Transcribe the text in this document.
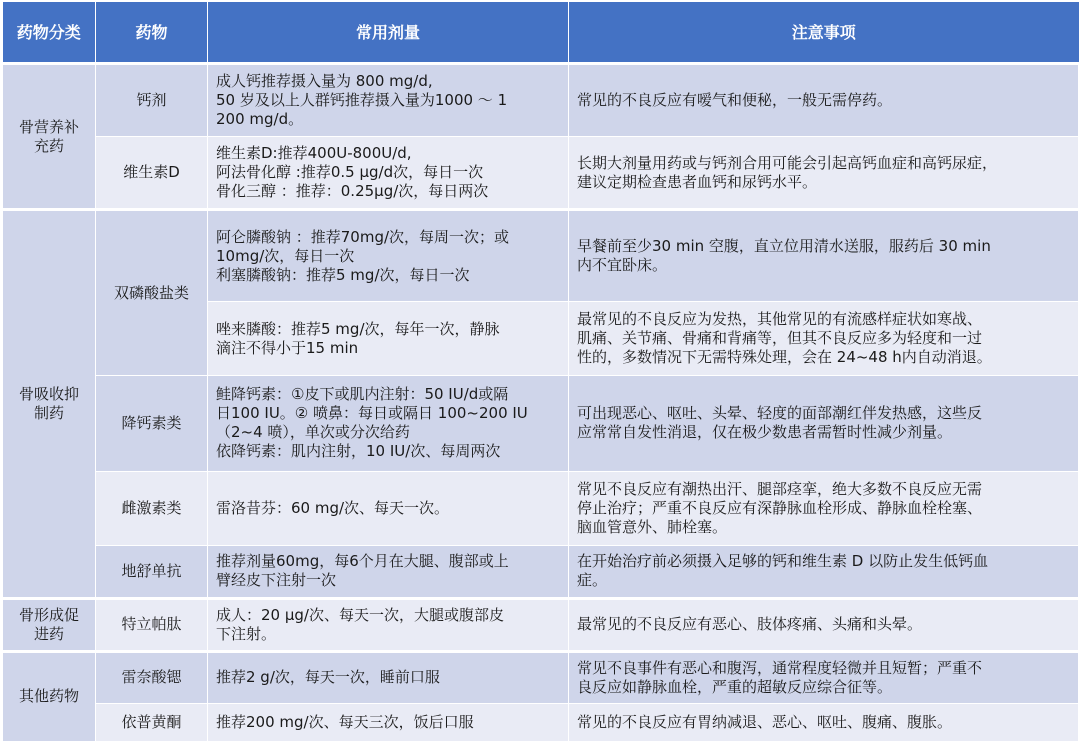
药物分类	药物	常用剂量	注意事项
骨营养补
充药	钙剂	成人钙推荐摄入量为 800 mg/d,
50 岁及以上人群钙推荐摄入量为1000 ～ 1
200 mg/d。	常见的不良反应有嗳气和便秘，一般无需停药。
	维生素D	维生素D:推荐400U-800U/d,
阿法骨化醇 :推荐0.5 μg/d次，每日一次
骨化三醇 ：推荐：0.25μg/次，每日两次	长期大剂量用药或与钙剂合用可能会引起高钙血症和高钙尿症，
建议定期检查患者血钙和尿钙水平。
骨吸收抑
制药	双磷酸盐类	阿仑膦酸钠 ：推荐70mg/次，每周一次；或
10mg/次，每日一次
利塞膦酸钠：推荐5 mg/次，每日一次	早餐前至少30 min 空腹，直立位用清水送服，服药后 30 min
内不宜卧床。
		唑来膦酸：推荐5 mg/次，每年一次，静脉
滴注不得小于15 min	最常见的不良反应为发热，其他常见的有流感样症状如寒战、
肌痛、关节痛、骨痛和背痛等，但其不良反应多为轻度和一过
性的，多数情况下无需特殊处理，会在 24~48 h内自动消退。
	降钙素类	鲑降钙素：①皮下或肌内注射：50 IU/d或隔
日100 IU。② 喷鼻：每日或隔日 100~200 IU
（2~4 喷），单次或分次给药
依降钙素：肌内注射，10 IU/次、每周两次	可出现恶心、呕吐、头晕、轻度的面部潮红伴发热感，这些反
应常常自发性消退，仅在极少数患者需暂时性减少剂量。
	雌激素类	雷洛昔芬：60 mg/次、每天一次。	常见不良反应有潮热出汗、腿部痉挛，绝大多数不良反应无需
停止治疗；严重不良反应有深静脉血栓形成、静脉血栓栓塞、
脑血管意外、肺栓塞。
	地舒单抗	推荐剂量60mg，每6个月在大腿、腹部或上
臂经皮下注射一次	在开始治疗前必须摄入足够的钙和维生素 D 以防止发生低钙血
症。
骨形成促
进药	特立帕肽	成人：20 μg/次、每天一次，大腿或腹部皮
下注射。	最常见的不良反应有恶心、肢体疼痛、头痛和头晕。
其他药物	雷奈酸锶	推荐2 g/次，每天一次，睡前口服	常见不良事件有恶心和腹泻，通常程度轻微并且短暂；严重不
良反应如静脉血栓，严重的超敏反应综合征等。
	依普黄酮	推荐200 mg/次、每天三次，饭后口服	常见的不良反应有胃纳减退、恶心、呕吐、腹痛、腹胀。
